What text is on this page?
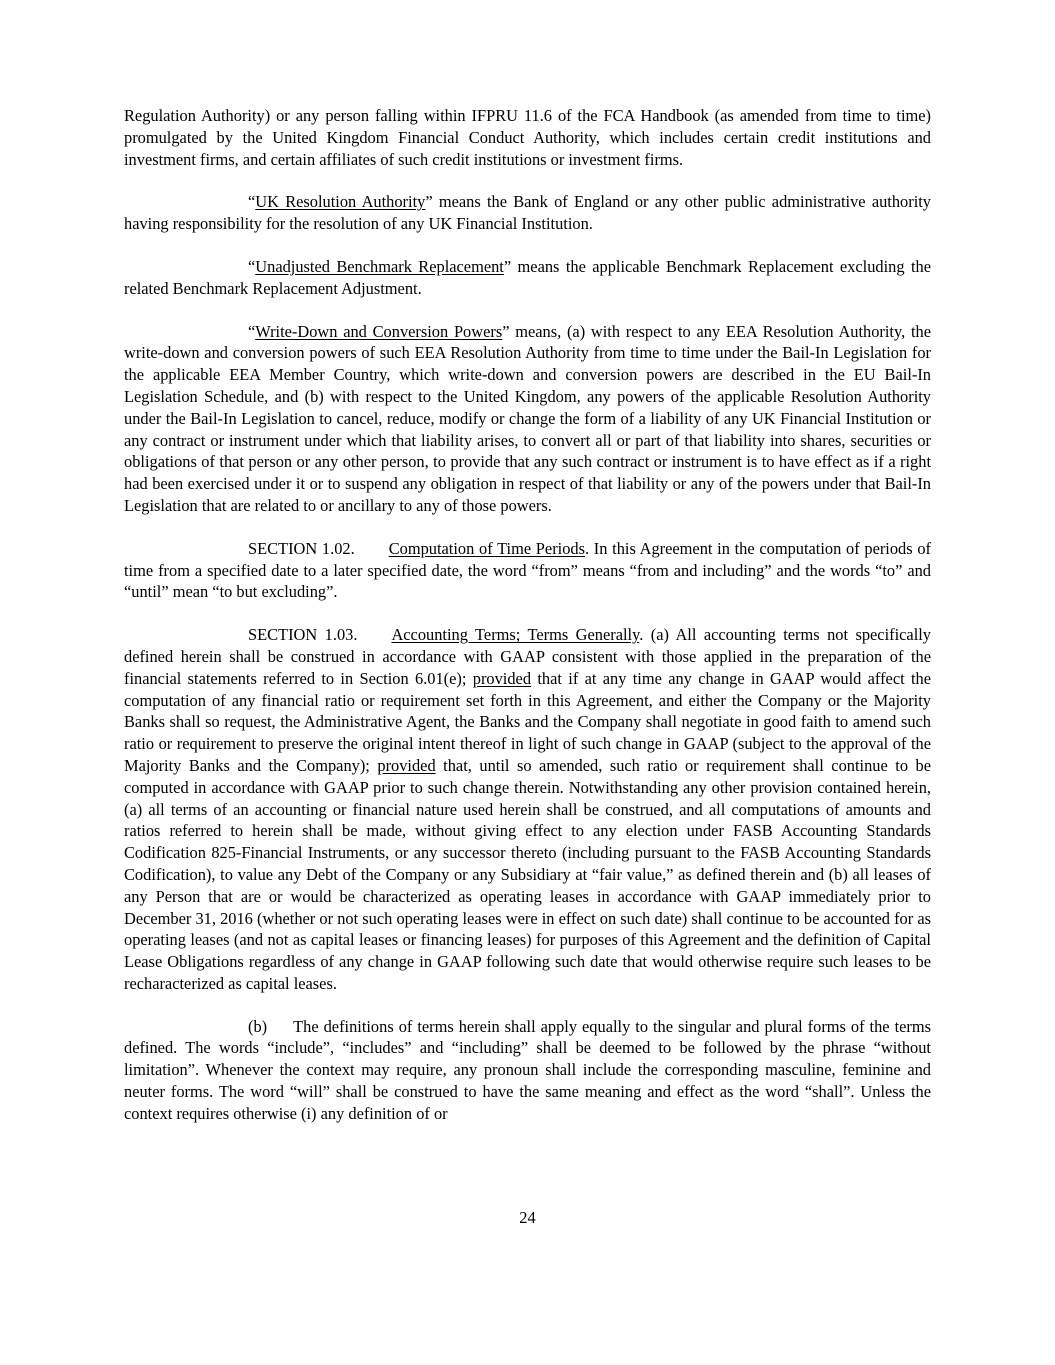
Regulation Authority) or any person falling within IFPRU 11.6 of the FCA Handbook (as amended from time to time) promulgated by the United Kingdom Financial Conduct Authority, which includes certain credit institutions and investment firms, and certain affiliates of such credit institutions or investment firms.

“UK Resolution Authority” means the Bank of England or any other public administrative authority having responsibility for the resolution of any UK Financial Institution.

“Unadjusted Benchmark Replacement” means the applicable Benchmark Replacement excluding the related Benchmark Replacement Adjustment.

“Write-Down and Conversion Powers” means, (a) with respect to any EEA Resolution Authority, the write-down and conversion powers of such EEA Resolution Authority from time to time under the Bail-In Legislation for the applicable EEA Member Country, which write-down and conversion powers are described in the EU Bail-In Legislation Schedule, and (b) with respect to the United Kingdom, any powers of the applicable Resolution Authority under the Bail-In Legislation to cancel, reduce, modify or change the form of a liability of any UK Financial Institution or any contract or instrument under which that liability arises, to convert all or part of that liability into shares, securities or obligations of that person or any other person, to provide that any such contract or instrument is to have effect as if a right had been exercised under it or to suspend any obligation in respect of that liability or any of the powers under that Bail-In Legislation that are related to or ancillary to any of those powers.

SECTION 1.02. Computation of Time Periods. In this Agreement in the computation of periods of time from a specified date to a later specified date, the word “from” means “from and including” and the words “to” and “until” mean “to but excluding”.

SECTION 1.03. Accounting Terms; Terms Generally. (a) All accounting terms not specifically defined herein shall be construed in accordance with GAAP consistent with those applied in the preparation of the financial statements referred to in Section 6.01(e); provided that if at any time any change in GAAP would affect the computation of any financial ratio or requirement set forth in this Agreement, and either the Company or the Majority Banks shall so request, the Administrative Agent, the Banks and the Company shall negotiate in good faith to amend such ratio or requirement to preserve the original intent thereof in light of such change in GAAP (subject to the approval of the Majority Banks and the Company); provided that, until so amended, such ratio or requirement shall continue to be computed in accordance with GAAP prior to such change therein. Notwithstanding any other provision contained herein, (a) all terms of an accounting or financial nature used herein shall be construed, and all computations of amounts and ratios referred to herein shall be made, without giving effect to any election under FASB Accounting Standards Codification 825-Financial Instruments, or any successor thereto (including pursuant to the FASB Accounting Standards Codification), to value any Debt of the Company or any Subsidiary at “fair value,” as defined therein and (b) all leases of any Person that are or would be characterized as operating leases in accordance with GAAP immediately prior to December 31, 2016 (whether or not such operating leases were in effect on such date) shall continue to be accounted for as operating leases (and not as capital leases or financing leases) for purposes of this Agreement and the definition of Capital Lease Obligations regardless of any change in GAAP following such date that would otherwise require such leases to be recharacterized as capital leases.

(b) The definitions of terms herein shall apply equally to the singular and plural forms of the terms defined. The words “include”, “includes” and “including” shall be deemed to be followed by the phrase “without limitation”. Whenever the context may require, any pronoun shall include the corresponding masculine, feminine and neuter forms. The word “will” shall be construed to have the same meaning and effect as the word “shall”. Unless the context requires otherwise (i) any definition of or

24
